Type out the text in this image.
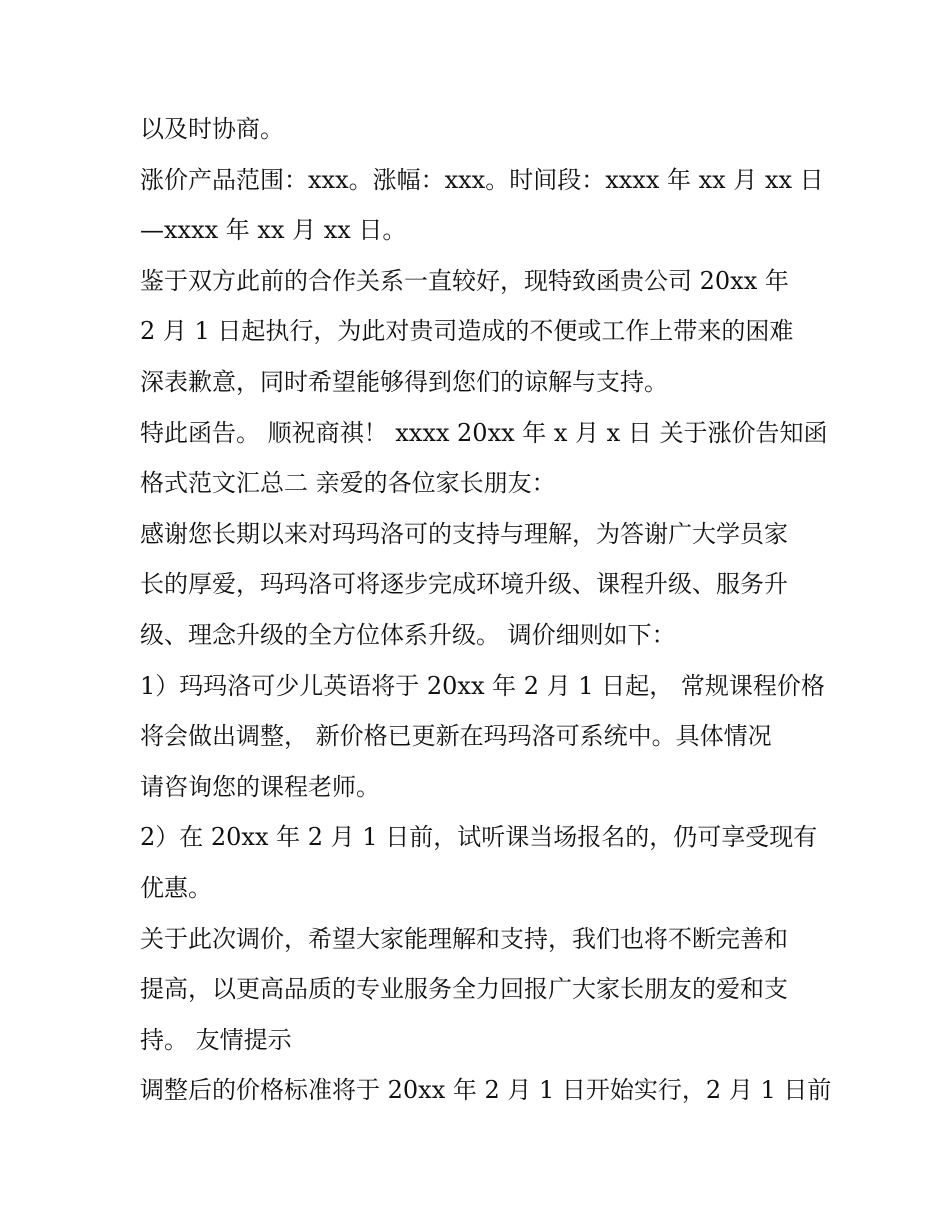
以及时协商。

涨价产品范围：xxx。涨幅：xxx。时间段：xxxx 年 xx 月 xx 日

—xxxx 年 xx 月 xx 日。

鉴于双方此前的合作关系一直较好，现特致函贵公司 20xx 年

2 月 1 日起执行，为此对贵司造成的不便或工作上带来的困难

深表歉意，同时希望能够得到您们的谅解与支持。

特此函告。 顺祝商祺！ xxxx 20xx 年 x 月 x 日 关于涨价告知函

格式范文汇总二 亲爱的各位家长朋友：

感谢您长期以来对玛玛洛可的支持与理解，为答谢广大学员家

长的厚爱，玛玛洛可将逐步完成环境升级、课程升级、服务升

级、理念升级的全方位体系升级。 调价细则如下：

1）玛玛洛可少儿英语将于 20xx 年 2 月 1 日起， 常规课程价格

将会做出调整， 新价格已更新在玛玛洛可系统中。具体情况

请咨询您的课程老师。

2）在 20xx 年 2 月 1 日前，试听课当场报名的，仍可享受现有

优惠。

关于此次调价，希望大家能理解和支持，我们也将不断完善和

提高，以更高品质的专业服务全力回报广大家长朋友的爱和支

持。 友情提示

调整后的价格标准将于 20xx 年 2 月 1 日开始实行，2 月 1 日前
